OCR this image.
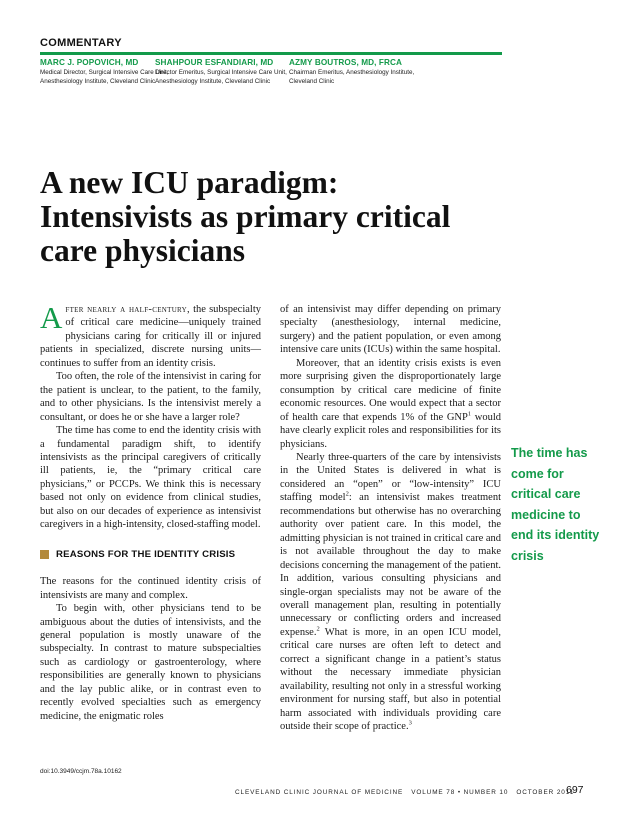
COMMENTARY
MARC J. POPOVICH, MD
Medical Director, Surgical Intensive Care Unit, Anesthesiology Institute, Cleveland Clinic
SHAHPOUR ESFANDIARI, MD
Director Emeritus, Surgical Intensive Care Unit, Anesthesiology Institute, Cleveland Clinic
AZMY BOUTROS, MD, FRCA
Chairman Emeritus, Anesthesiology Institute, Cleveland Clinic
A new ICU paradigm: Intensivists as primary critical care physicians

After nearly a half-century, the subspecialty of critical care medicine—uniquely trained physicians caring for critically ill or injured patients in specialized, discrete nursing units—continues to suffer from an identity crisis.

Too often, the role of the intensivist in caring for the patient is unclear, to the patient, to the family, and to other physicians. Is the intensivist merely a consultant, or does he or she have a larger role?

The time has come to end the identity crisis with a fundamental paradigm shift, to identify intensivists as the principal caregivers of critically ill patients, ie, the “primary critical care physicians,” or PCCPs. We think this is necessary based not only on evidence from clinical studies, but also on our decades of experience as intensivist caregivers in a high-intensity, closed-staffing model.

REASONS FOR THE IDENTITY CRISIS

The reasons for the continued identity crisis of intensivists are many and complex.

To begin with, other physicians tend to be ambiguous about the duties of intensivists, and the general population is mostly unaware of the subspecialty. In contrast to mature subspecialties such as cardiology or gastroenterology, where responsibilities are generally known to physicians and the lay public alike, or in contrast even to recently evolved specialties such as emergency medicine, the enigmatic roles

of an intensivist may differ depending on primary specialty (anesthesiology, internal medicine, surgery) and the patient population, or even among intensive care units (ICUs) within the same hospital.

Moreover, that an identity crisis exists is even more surprising given the disproportionately large consumption by critical care medicine of finite economic resources. One would expect that a sector of health care that expends 1% of the GNP$^1$ would have clearly explicit roles and responsibilities for its physicians.

Nearly three-quarters of the care by intensivists in the United States is delivered in what is considered an “open” or “low-intensity” ICU staffing model$^2$: an intensivist makes treatment recommendations but otherwise has no overarching authority over patient care. In this model, the admitting physician is not trained in critical care and is not available throughout the day to make decisions concerning the management of the patient. In addition, various consulting physicians and single-organ specialists may not be aware of the overall management plan, resulting in potentially unnecessary or conflicting orders and increased expense.$^2$ What is more, in an open ICU model, critical care nurses are often left to detect and correct a significant change in a patient’s status without the necessary immediate physician availability, resulting not only in a stressful working environment for nursing staff, but also in potential harm associated with individuals providing care outside their scope of practice.$^3$

The time has come for critical care medicine to end its identity crisis
doi:10.3949/ccjm.78a.10162
CLEVELAND CLINIC JOURNAL OF MEDICINE   VOLUME 78 • NUMBER 10   OCTOBER 2011
697
